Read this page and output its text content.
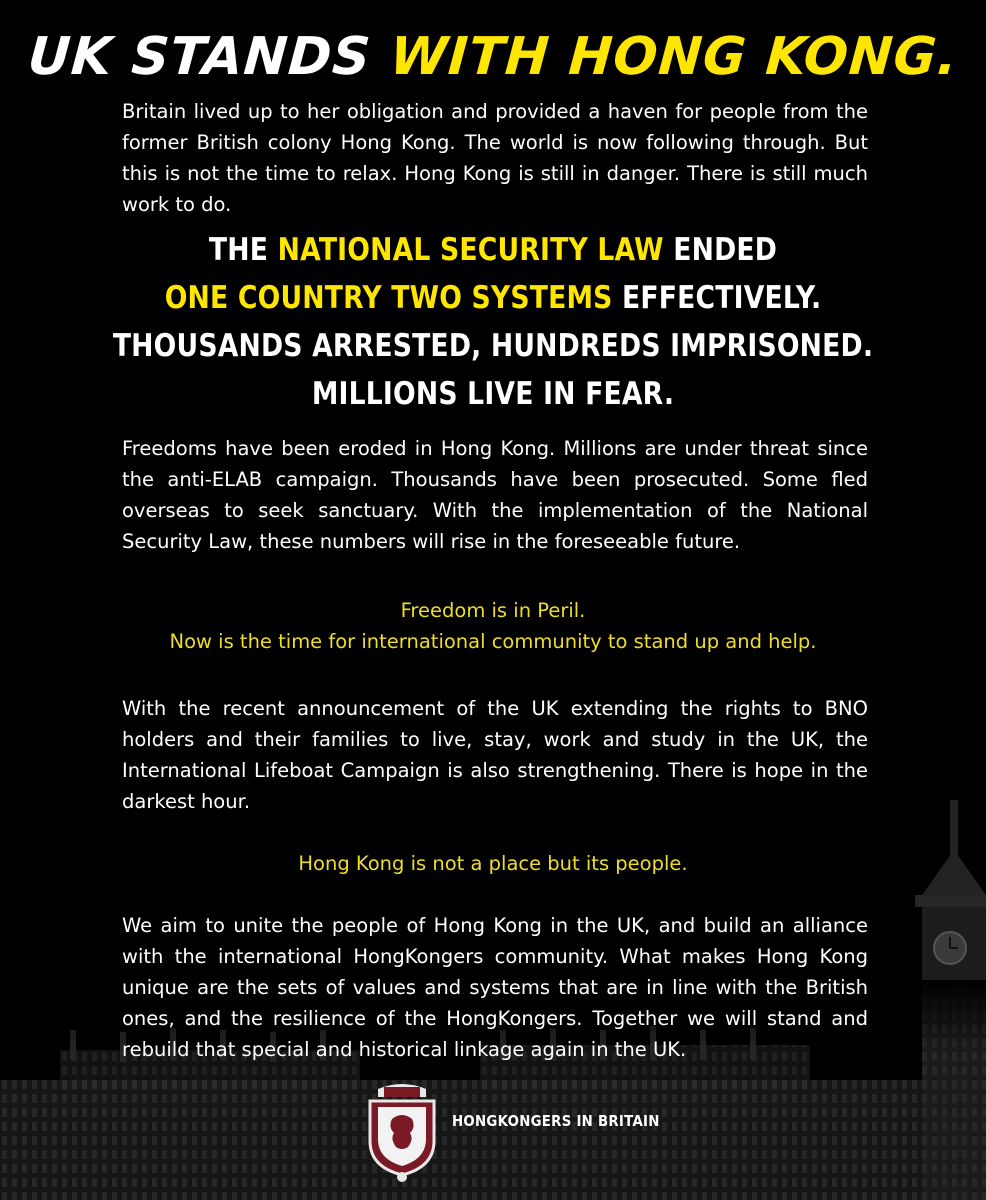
UK STANDS WITH HONG KONG.
Britain lived up to her obligation and provided a haven for people from the former British colony Hong Kong. The world is now following through. But this is not the time to relax. Hong Kong is still in danger. There is still much work to do.
THE NATIONAL SECURITY LAW ENDED
ONE COUNTRY TWO SYSTEMS EFFECTIVELY.
THOUSANDS ARRESTED, HUNDREDS IMPRISONED.
MILLIONS LIVE IN FEAR.
Freedoms have been eroded in Hong Kong. Millions are under threat since the anti-ELAB campaign. Thousands have been prosecuted. Some fled overseas to seek sanctuary. With the implementation of the National Security Law, these numbers will rise in the foreseeable future.
Freedom is in Peril.
Now is the time for international community to stand up and help.
With the recent announcement of the UK extending the rights to BNO holders and their families to live, stay, work and study in the UK, the International Lifeboat Campaign is also strengthening. There is hope in the darkest hour.
Hong Kong is not a place but its people.
We aim to unite the people of Hong Kong in the UK, and build an alliance with the international HongKongers community. What makes Hong Kong unique are the sets of values and systems that are in line with the British ones, and the resilience of the HongKongers. Together we will stand and rebuild that special and historical linkage again in the UK.
HONGKONGERS IN BRITAIN
